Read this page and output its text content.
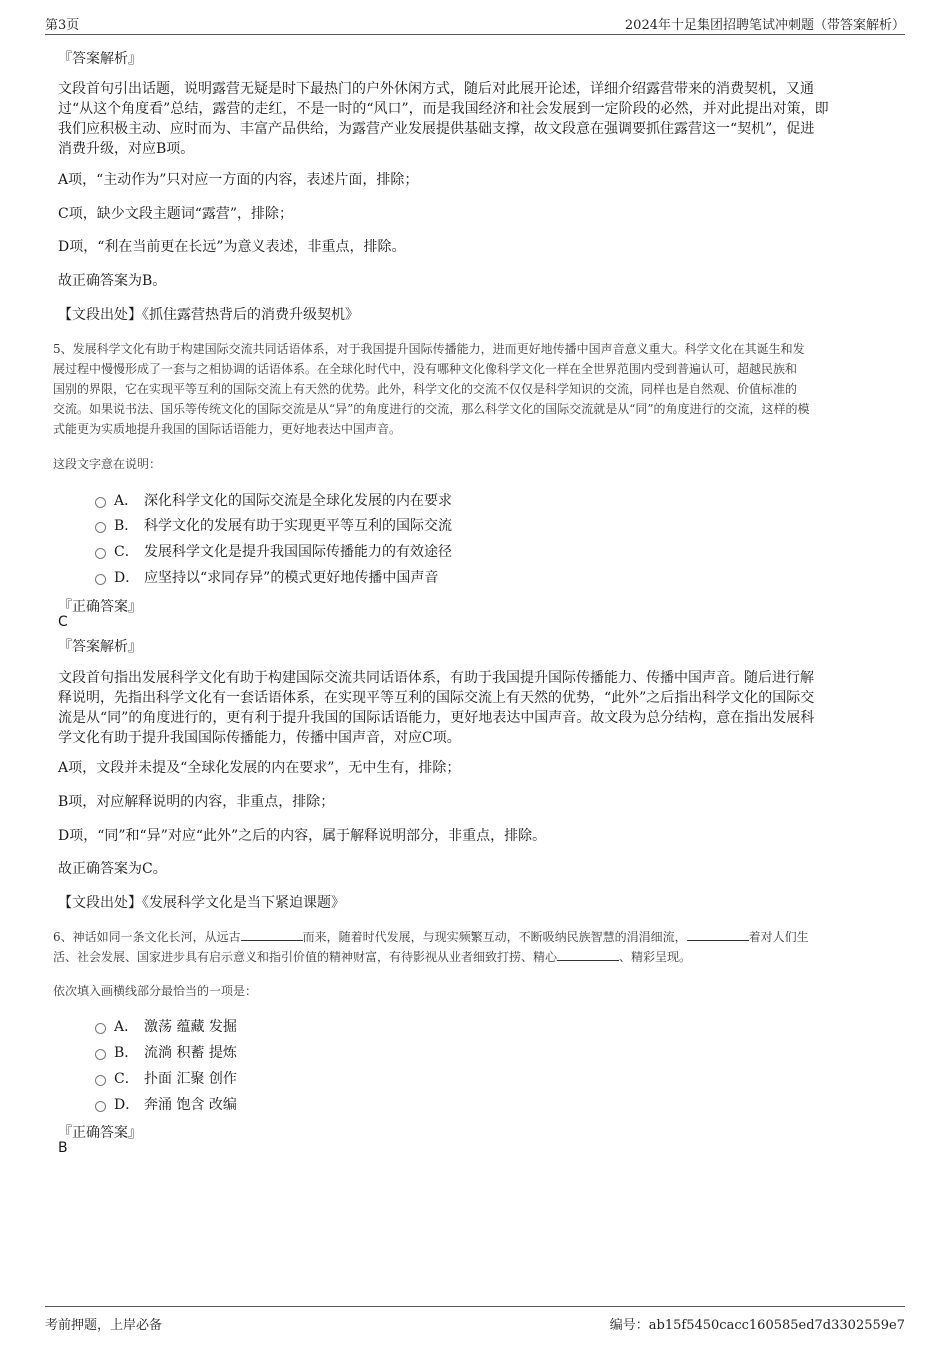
第3页	2024年十足集团招聘笔试冲刺题（带答案解析）
『答案解析』
文段首句引出话题，说明露营无疑是时下最热门的户外休闲方式，随后对此展开论述，详细介绍露营带来的消费契机，又通
过“从这个角度看”总结，露营的走红，不是一时的“风口”，而是我国经济和社会发展到一定阶段的必然，并对此提出对策，即
我们应积极主动、应时而为、丰富产品供给，为露营产业发展提供基础支撑，故文段意在强调要抓住露营这一“契机”，促进
消费升级，对应B项。
A项，“主动作为”只对应一方面的内容，表述片面，排除；
C项，缺少文段主题词“露营”，排除；
D项，“利在当前更在长远”为意义表述，非重点，排除。
故正确答案为B。
【文段出处】《抓住露营热背后的消费升级契机》
5、发展科学文化有助于构建国际交流共同话语体系，对于我国提升国际传播能力，进而更好地传播中国声音意义重大。科学文化在其诞生和发
展过程中慢慢形成了一套与之相协调的话语体系。在全球化时代中，没有哪种文化像科学文化一样在全世界范围内受到普遍认可，超越民族和
国别的界限，它在实现平等互利的国际交流上有天然的优势。此外，科学文化的交流不仅仅是科学知识的交流，同样也是自然观、价值标准的
交流。如果说书法、国乐等传统文化的国际交流是从“异”的角度进行的交流，那么科学文化的国际交流就是从“同”的角度进行的交流，这样的模
式能更为实质地提升我国的国际话语能力，更好地表达中国声音。
这段文字意在说明：
A． 深化科学文化的国际交流是全球化发展的内在要求
B． 科学文化的发展有助于实现更平等互利的国际交流
C． 发展科学文化是提升我国国际传播能力的有效途径
D． 应坚持以“求同存异”的模式更好地传播中国声音
『正确答案』
C
『答案解析』
文段首句指出发展科学文化有助于构建国际交流共同话语体系，有助于我国提升国际传播能力、传播中国声音。随后进行解
释说明，先指出科学文化有一套话语体系，在实现平等互利的国际交流上有天然的优势，“此外”之后指出科学文化的国际交
流是从“同”的角度进行的，更有利于提升我国的国际话语能力，更好地表达中国声音。故文段为总分结构，意在指出发展科
学文化有助于提升我国国际传播能力，传播中国声音，对应C项。
A项，文段并未提及“全球化发展的内在要求”，无中生有，排除；
B项，对应解释说明的内容，非重点，排除；
D项，“同”和“异”对应“此外”之后的内容，属于解释说明部分，非重点，排除。
故正确答案为C。
【文段出处】《发展科学文化是当下紧迫课题》
6、神话如同一条文化长河，从远古	而来，随着时代发展，与现实频繁互动，不断吸纳民族智慧的涓涓细流，	着对人们生
活、社会发展、国家进步具有启示意义和指引价值的精神财富，有待影视从业者细致打捞、精心	、精彩呈现。
依次填入画横线部分最恰当的一项是：
A． 激荡 蕴藏 发掘
B． 流淌 积蓄 提炼
C． 扑面 汇聚 创作
D． 奔涌 饱含 改编
『正确答案』
B
考前押题，上岸必备	编号：ab15f5450cacc160585ed7d3302559e7
